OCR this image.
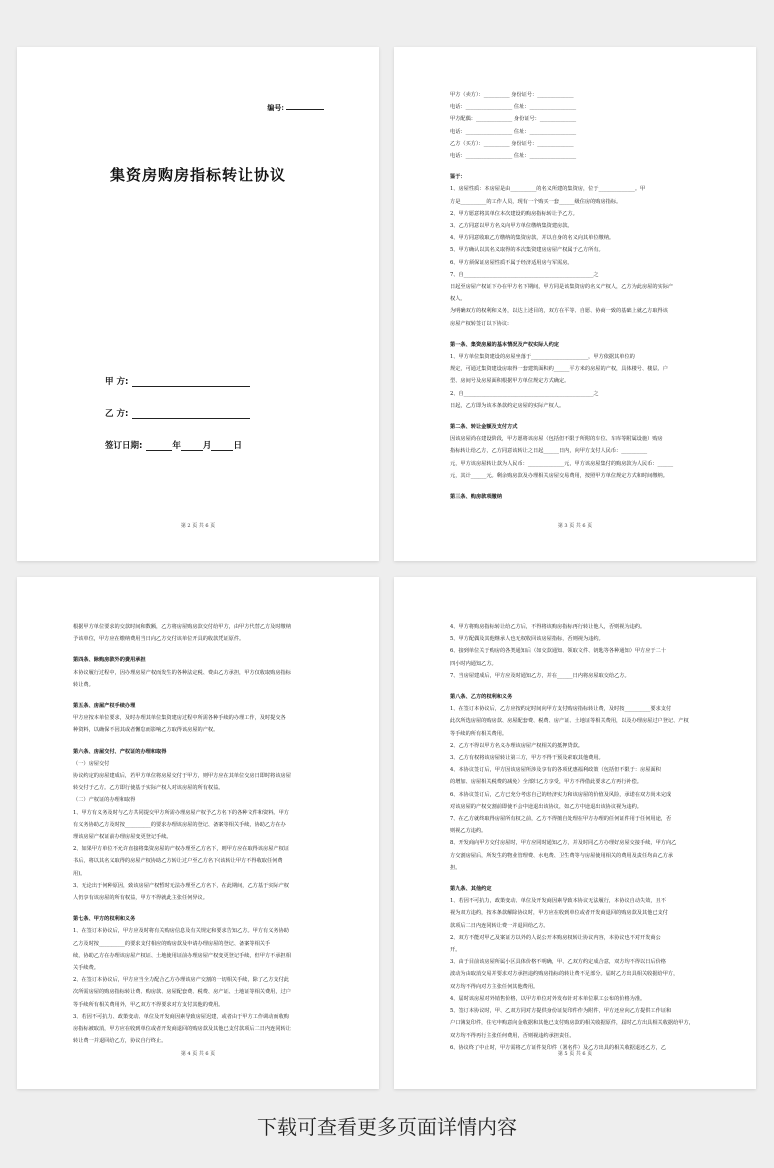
编号:
集资房购房指标转让协议
甲 方:
乙 方:
签订日期:	年	月	日
第 2 页 共 6 页
甲方（卖方）：__________ 身份证号：______________
电话：__________________ 住址：__________________
甲方配偶：______________ 身份证号：______________
电话：__________________ 住址：__________________
乙方（买方）：__________ 身份证号：______________
电话：__________________ 住址：__________________
鉴于：
1、房屋性质：本房屋是由__________的名义所建的集资房，位于______________。甲
方是__________的工作人员，现有一个购买一套______级住房的购房指标。
2、甲方愿意将其单位本次建设的购房指标转让予乙方。
3、乙方同意以甲方名义向甲方单位缴纳集资建房款。
4、甲方同意收取乙方缴纳的集资房款，并以自身的名义向其单位缴纳。
5、甲方确认以其名义取得的本次集资建房房屋产权属于乙方所有。
6、甲方须保证房屋性质不属于经济适用房与军需房。
7、自__________________________________________________之
日起至房屋产权证下办在甲方名下期间，甲方同是该集资房的名义产权人，乙方为此房屋的实际产
权人。
为明确双方的权利和义务，以达上述目的，双方在平等、自愿、协商一致的基础上就乙方取得该
房屋产权转签订以下协议:
第一条、集资房屋的基本情况及产权实际人约定
1、甲方单位集资建设的房屋坐落于______________________，甲方依据其单位的
规定，可通过集资建设房取得一套建筑面积约______平方米的房屋的产权，具体楼号、楼层、户
型、房间号及房屋面积根据甲方单位规定方式确定。
2、自__________________________________________________之
日起，乙方即为该本条款约定房屋的实际产权人。
第二条、转让金额及支付方式
因该房屋尚在建设阶段，甲方愿将该房屋（包括但不限于所附的车位、车库等附属设施）购房
指标转让给乙方，乙方同意该转让之日起______日内，向甲方支付人民币：__________
元，甲方该房屋转让款为人民币：______________元，甲方该房屋集付的购房款为人民币：______
元，其计______元。剩余购房款及办理相关房屋交易费用，按照甲方单位规定方式和时间缴纳。
第三条、购房款项缴纳
第 3 页 共 6 页
根据甲方单位要求的交款时间和数额，乙方将房屋购房款交付给甲方，由甲方代替乙方及时缴纳
予该单位，甲方应在缴纳费用当日向乙方交付该单位开具的收款凭证原件。
第四条、除购房款外的费用承担
本协议履行过程中，因办理房屋产权而发生的各种法定税、费由乙方承担，甲方仅收取购房指标
转让费。
第五条、房屋产权手续办理
甲方应按本单位要求，及时办理其单位集资建房过程中所需各种手续的办理工作，及时提交各
种资料，以确保不因其或者懈怠而影响乙方取得该房屋的产权。
第六条、房屋交付、产权证的办理和取得
（一）房屋交付
协议约定的房屋建成后，若甲方单位将房屋交付于甲方，则甲方应在其单位交房日即时将该房屋
转交付于乙方。乙方即行使基于实际产权人对该房屋的所有权益。
（二）产权证的办理和取得
1、甲方有义务及时与乙方共同提交甲方所需办理房屋产权予乙方名下的各种文件和资料。甲方
有义务协助乙方及时按__________的要求办理该房屋的登记、备案等相关手续，协助乙方在办
理该房屋产权证前办理房屋变更登记手续。
2、如果甲方单位不允许直接将集资房屋的产权办理至乙方名下，则甲方应在取得该房屋产权证
书后，将以其名义取得的房屋产权协助乙方转让过户至乙方名下(该转让甲方不得收取任何费
用)。
3、无论出于何种原因，致该房屋产权暂时无法办理至乙方名下，在此期间，乙方基于实际产权
人仍享有该房屋的所有权益，甲方不得就此主张任何异议。
第七条、甲方的权利和义务
1、在签订本协议后，甲方应及时将有关购房信息及有关规定和要求告知乙方。甲方有义务协助
乙方及时按__________的要求支付相应的购房款及申请办理房屋的登记、备案等相关手
续，协助乙方在办理该房屋产权证、土地使用证前办理房屋产权变更登记手续，但甲方不承担相
关手续费。
2、在签订本协议后，甲方应当全力配合乙方办理该房产交割的一切相关手续，除了乙方支付此
次所需房屋的购房指标转让费、购房款、房屋配套费、税费、房产证、土地证等相关费用，过户
等手续所有相关费用外，甲乙双方不得要求对方支付其他的费用。
3、若因不可抗力、政策变动、单位及开发商因素导致房屋迟建，或者由于甲方工作调动而收购
房指标被取消，甲方应在收到单位或者开发商退回的购房款及其他已支付款项后二日内连同转让
转让费一并退回给乙方，协议自行终止。
第 4 页 共 6 页
4、甲方将购房指标转让给乙方后，不得将该购房指标再行转让他人，否则视为违约。
5、甲方配偶及其他继承人也无权收回该房屋指标，否则视为违约。
6、接到单位关于购房的各类通知后（如交款通知、领取文件、钥匙等各种通知）甲方应于二十
四小时内通知乙方。
7、当房屋建成后，甲方应及时通知乙方，并在______日内将房屋取交给乙方。
第八条、乙方的权利和义务
1、在签订本协议后，乙方应按约定时间向甲方支付购房指标转让费，及时按__________要求支付
此次所选房屋的购房款、房屋配套费、税费、房产证、土地证等相关费用，以及办理房屋过户登记、产权
等手续的所有相关费用。
2、乙方不得以甲方名义办理该房屋产权相关的抵押贷款。
3、乙方有权将该房屋转让第三方，甲方不得干预及索取其他费用。
4、本协议签订后，甲方因该房屋所涉及享有的各项优惠福利政策（包括但不限于：房屋面积
的增加、房屋相关税费的减免）全部归乙方享受，甲方不得借此要求乙方再行补偿。
6、本协议签订后，乙方已充分考虑自己的经济实力和该房屋的价值及风险，承诺在双方尚未完成
对该房屋的产权交割前即使不会中途退出该协议，如乙方中途退出该协议视为违约。
7、在乙方就终取得房屋所有权之前，乙方不得擅自处理在甲方办理的任何证件用于任何用途，否
则视乙方违约。
8、开发商向甲方交付房屋时，甲方应同时通知乙方，并及时同乙方办理好房屋交接手续，甲方向乙
方交割房屋后，所发生的物业管理费、水电费、卫生费等与房屋使用相关的费用及责任均由乙方承
担。
第九条、其他约定
1、若因不可抗力，政策变动、单位及开发商因素导致本协议无法履行，本协议自动失效，且不
视为双方违约，按本条款解除协议时，甲方应在收到单位或者开发商退回的购房款及其他已支付
款项后二日内连同转让费一并退回给乙方。
2、双方不能对甲乙及案证方以外的人说公开本购房权转让协议内容，本协议也不对开发商公
开。
3、由于目前该房屋所属小区具体价格不明确，甲、乙双方约定成合意，双方均不得以日后价格
波动为由取消交易并要求对方承担违约购房指标的转让费不足部分。届时乙方出具相关收据给甲方，
双方均不得向对方主张任何其他费用。
4、届时该房屋对外销售价格，以甲方单位对外发布针对本单位职工公布的价格为准。
5、签订本协议时，甲、乙双方同对方提供身份证复印件作为附件，甲方还应向乙方提供工作证和
户口簿复印件，住宅申购意向金收据和其他已支付购房款的相关收据原件，届时乙方出具相关收据给甲方，
双方均不得再行主张任何费用，否则视违约承担责任。
6、协议终了中止时，甲方需将乙方证件复印件（署名件）及乙方出具的相关收据退还乙方，乙
第 5 页 共 6 页
下载可查看更多页面详情内容
